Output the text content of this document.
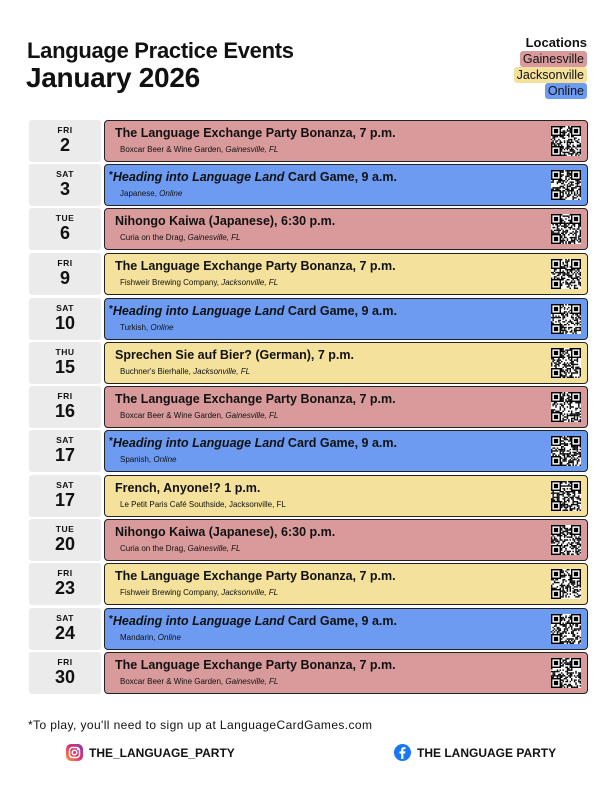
Language Practice Events
January 2026
Locations
Gainesville
Jacksonville
Online
FRI
2
The Language Exchange Party Bonanza, 7 p.m.
Boxcar Beer & Wine Garden, Gainesville, FL
SAT
3
*Heading into Language Land Card Game, 9 a.m.
Japanese, Online
TUE
6
Nihongo Kaiwa (Japanese), 6:30 p.m.
Curia on the Drag, Gainesville, FL
FRI
9
The Language Exchange Party Bonanza, 7 p.m.
Fishweir Brewing Company, Jacksonville, FL
SAT
10
*Heading into Language Land Card Game, 9 a.m.
Turkish, Online
THU
15
Sprechen Sie auf Bier? (German), 7 p.m.
Buchner's Bierhalle, Jacksonville, FL
FRI
16
The Language Exchange Party Bonanza, 7 p.m.
Boxcar Beer & Wine Garden, Gainesville, FL
SAT
17
*Heading into Language Land Card Game, 9 a.m.
Spanish, Online
SAT
17
French, Anyone!? 1 p.m.
Le Petit Paris Café Southside, Jacksonville, FL
TUE
20
Nihongo Kaiwa (Japanese), 6:30 p.m.
Curia on the Drag, Gainesville, FL
FRI
23
The Language Exchange Party Bonanza, 7 p.m.
Fishweir Brewing Company, Jacksonville, FL
SAT
24
*Heading into Language Land Card Game, 9 a.m.
Mandarin, Online
FRI
30
The Language Exchange Party Bonanza, 7 p.m.
Boxcar Beer & Wine Garden, Gainesville, FL
*To play, you'll need to sign up at LanguageCardGames.com
THE_LANGUAGE_PARTY	THE LANGUAGE PARTY
